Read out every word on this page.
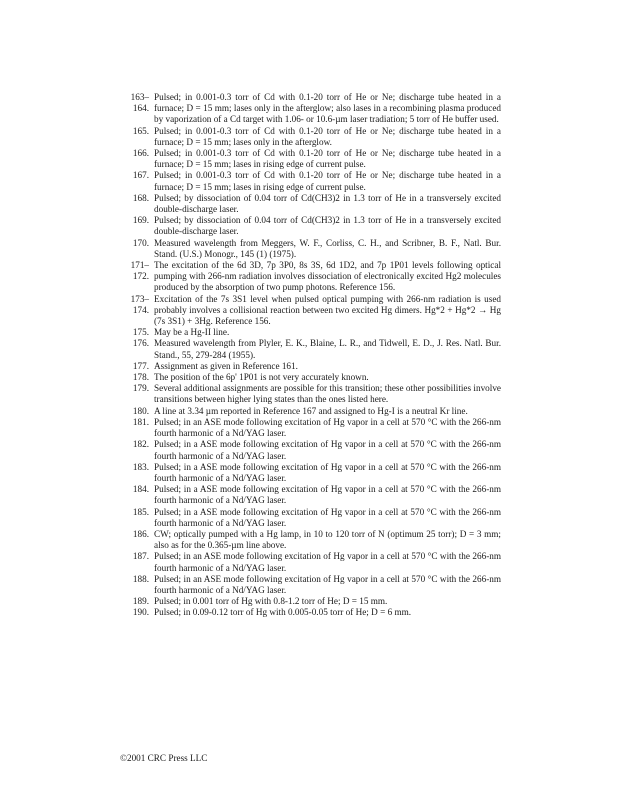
163–
164.
Pulsed; in 0.001-0.3 torr of Cd with 0.1-20 torr of He or Ne; discharge tube heated in a furnace; D = 15 mm; lases only in the afterglow; also lases in a recombining plasma produced by vaporization of a Cd target with 1.06- or 10.6-µm laser tradiation; 5 torr of He buffer used.
165. Pulsed; in 0.001-0.3 torr of Cd with 0.1-20 torr of He or Ne; discharge tube heated in a furnace; D = 15 mm; lases only in the afterglow.
166. Pulsed; in 0.001-0.3 torr of Cd with 0.1-20 torr of He or Ne; discharge tube heated in a furnace; D = 15 mm; lases in rising edge of current pulse.
167. Pulsed; in 0.001-0.3 torr of Cd with 0.1-20 torr of He or Ne; discharge tube heated in a furnace; D = 15 mm; lases in rising edge of current pulse.
168. Pulsed; by dissociation of 0.04 torr of Cd(CH3)2 in 1.3 torr of He in a transversely excited double-discharge laser.
169. Pulsed; by dissociation of 0.04 torr of Cd(CH3)2 in 1.3 torr of He in a transversely excited double-discharge laser.
170. Measured wavelength from Meggers, W. F., Corliss, C. H., and Scribner, B. F., Natl. Bur. Stand. (U.S.) Monogr., 145 (1) (1975).
171–
172.
The excitation of the 6d 3D, 7p 3P0, 8s 3S, 6d 1D2, and 7p 1P01 levels following optical pumping with 266-nm radiation involves dissociation of electronically excited Hg2 molecules produced by the absorption of two pump photons. Reference 156.
173–
174.
Excitation of the 7s 3S1 level when pulsed optical pumping with 266-nm radiation is used probably involves a collisional reaction between two excited Hg dimers. Hg*2 + Hg*2 → Hg (7s 3S1) + 3Hg. Reference 156.
175. May be a Hg-II line.
176. Measured wavelength from Plyler, E. K., Blaine, L. R., and Tidwell, E. D., J. Res. Natl. Bur. Stand., 55, 279-284 (1955).
177. Assignment as given in Reference 161.
178. The position of the 6p' 1P01 is not very accurately known.
179. Several additional assignments are possible for this transition; these other possibilities involve transitions between higher lying states than the ones listed here.
180. A line at 3.34 µm reported in Reference 167 and assigned to Hg-I is a neutral Kr line.
181. Pulsed; in an ASE mode following excitation of Hg vapor in a cell at 570 °C with the 266-nm fourth harmonic of a Nd/YAG laser.
182. Pulsed; in a ASE mode following excitation of Hg vapor in a cell at 570 °C with the 266-nm fourth harmonic of a Nd/YAG laser.
183. Pulsed; in a ASE mode following excitation of Hg vapor in a cell at 570 °C with the 266-nm fourth harmonic of a Nd/YAG laser.
184. Pulsed; in a ASE mode following excitation of Hg vapor in a cell at 570 °C with the 266-nm fourth harmonic of a Nd/YAG laser.
185. Pulsed; in a ASE mode following excitation of Hg vapor in a cell at 570 °C with the 266-nm fourth harmonic of a Nd/YAG laser.
186. CW; optically pumped with a Hg lamp, in 10 to 120 torr of N (optimum 25 torr); D = 3 mm; also as for the 0.365-µm line above.
187. Pulsed; in an ASE mode following excitation of Hg vapor in a cell at 570 °C with the 266-nm fourth harmonic of a Nd/YAG laser.
188. Pulsed; in an ASE mode following excitation of Hg vapor in a cell at 570 °C with the 266-nm fourth harmonic of a Nd/YAG laser.
189. Pulsed; in 0.001 torr of Hg with 0.8-1.2 torr of He; D = 15 mm.
190. Pulsed; in 0.09-0.12 torr of Hg with 0.005-0.05 torr of He; D = 6 mm.
©2001 CRC Press LLC
